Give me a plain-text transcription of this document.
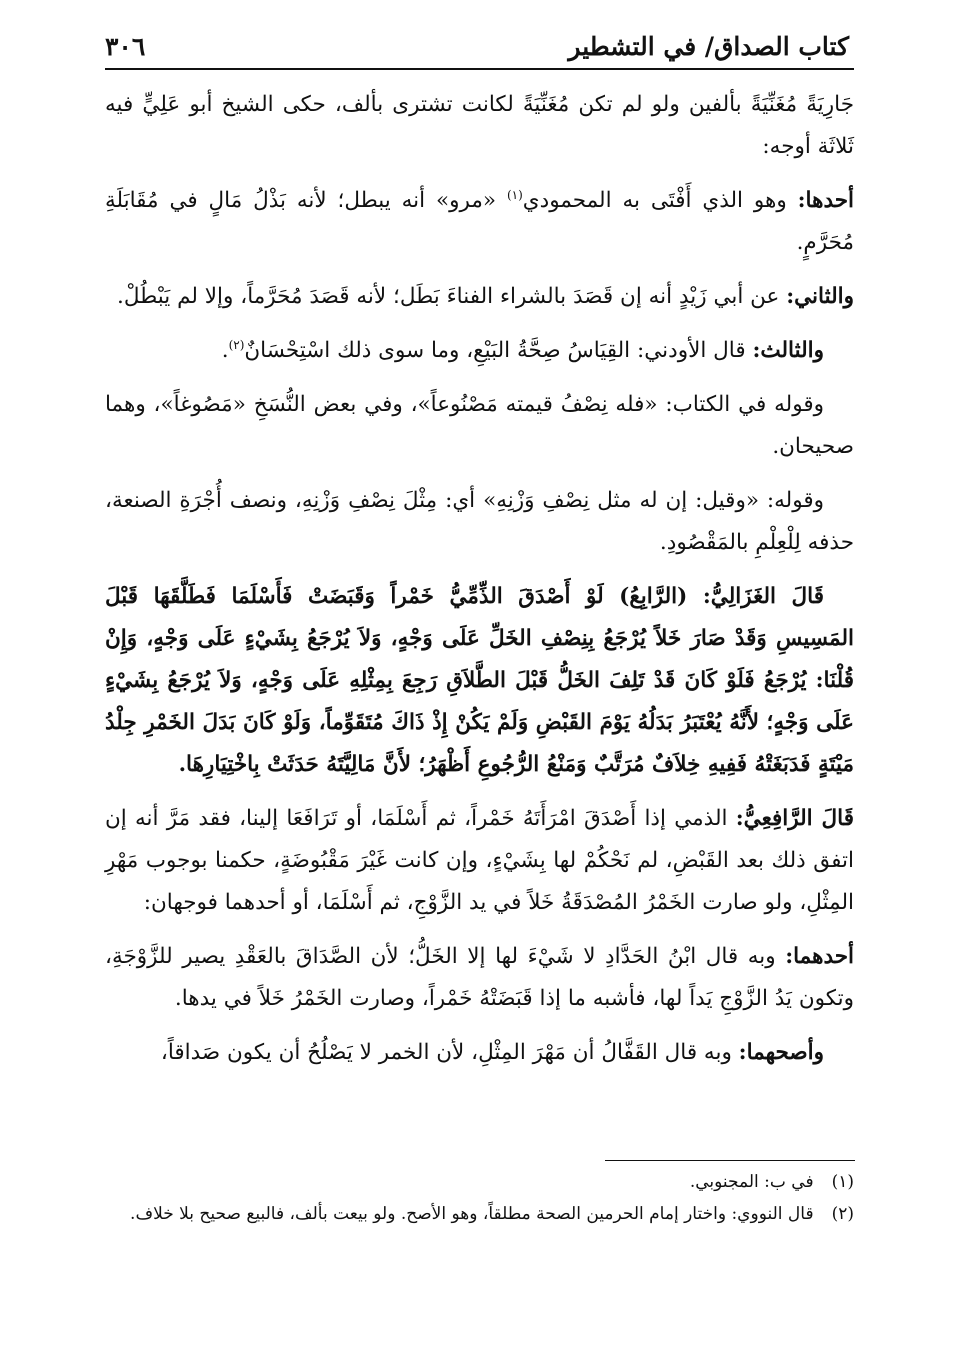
كتاب الصداق/ في التشطير
٣٠٦

جَارِيَةً مُغَنِّيَةً بألفين ولو لم تكن مُغَنِّيَةً لكانت تشترى بألف، حكى الشيخ أبو عَلِيٍّ فيه ثَلاثَة أوجه:

أحدها: وهو الذي أَفْتَى به المحمودي$^{(١)}$ «مرو» أنه يبطل؛ لأنه بَذْلُ مَالٍ في مُقَابَلَةِ مُحَرَّمٍ.

والثاني: عن أبي زَيْدٍ أنه إن قَصَدَ بالشراء الفناءَ بَطَل؛ لأنه قَصَدَ مُحَرَّماً، وإلا لم يَبْطُلْ.

والثالث: قال الأودني: القِيَاسُ صِحَّةُ البَيْعِ، وما سوى ذلك اسْتِحْسَانٌ$^{(٢)}$.

وقوله في الكتاب: «فله نِصْفُ قيمته مَصْنُوعاً»، وفي بعض النُّسَخِ «مَصُوغاً»، وهما صحيحان.

وقوله: «وقيل: إن له مثل نِصْفِ وَزْنِهِ» أي: مِثْلَ نِصْفِ وَزْنِهِ، ونصف أُجْرَةِ الصنعة، حذفه لِلْعِلْمِ بالمَقْصُودِ.

قَالَ الغَزَالِيُّ: (الرَّابِعُ) لَوْ أَصْدَقَ الذِّمِّيُّ خَمْراً وَقَبَضَتْ فَأَسْلَمَا فَطَلَّقَهَا قَبْلَ المَسِيسِ وَقَدْ صَارَ خَلاً يُرْجَعُ بِنِصْفِ الخَلِّ عَلَى وَجْهٍ، وَلاَ يُرْجَعُ بِشَيْءٍ عَلَى وَجْهٍ، وَإِنْ قُلْنَا: يُرْجَعُ فَلَوْ كَانَ قَدْ تَلِفَ الخَلُّ قَبْلَ الطَّلاَقِ رَجِعَ بِمِثْلِهِ عَلَى وَجْهٍ، وَلاَ يُرْجَعُ بِشَيْءٍ عَلَى وَجْهٍ؛ لأَنَّهُ يُعْتَبَرُ بَدَلُهُ يَوْمَ القَبْضِ وَلَمْ يَكُنْ إِذْ ذَاكَ مُتَقَوِّماً، وَلَوْ كَانَ بَدَلَ الخَمْرِ جِلْدُ مَيْتَةٍ فَدَبَغَتْهُ فَفِيهِ خِلاَفٌ مُرَتَّبٌ وَمَنْعُ الرُّجُوعِ أَظْهَرُ؛ لأَنَّ مَالِيَّتَهُ حَدَثَتْ بِاخْتِيَارِهَا.

قَالَ الرَّافِعِيُّ: الذمي إذا أَصْدَقَ امْرَأَتَهُ خَمْراً، ثم أَسْلَمَا، أو تَرَافَعَا إلينا، فقد مَرَّ أنه إن اتفق ذلك بعد القَبْضِ، لم نَحْكُمْ لها بِشَيْءٍ، وإن كانت غَيْرَ مَقْبُوضَةٍ، حكمنا بوجوب مَهْرِ المِثْلِ، ولو صارت الخَمْرُ المُصْدَقَةُ خَلاً في يد الزَّوْجِ، ثم أَسْلَمَا، أو أحدهما فوجهان:

أحدهما: وبه قال ابْنُ الحَدَّادِ لا شَيْءَ لها إلا الخَلُّ؛ لأن الصَّدَاقَ بالعَقْدِ يصير للزَّوْجَةِ، وتكون يَدُ الزَّوْجِ يَداً لها، فأشبه ما إذا قَبَضَتْهُ خَمْراً، وصارت الخَمْرُ خَلاً في يدها.

وأصحهما: وبه قال القَفَّالُ أن مَهْرَ المِثْلِ، لأن الخمر لا يَصْلُحُ أن يكون صَداقاً،

(١)
في ب: المجنوبي.
(٢)
قال النووي: واختار إمام الحرمين الصحة مطلقاً، وهو الأصح. ولو بيعت بألف، فالبيع صحيح بلا خلاف.
